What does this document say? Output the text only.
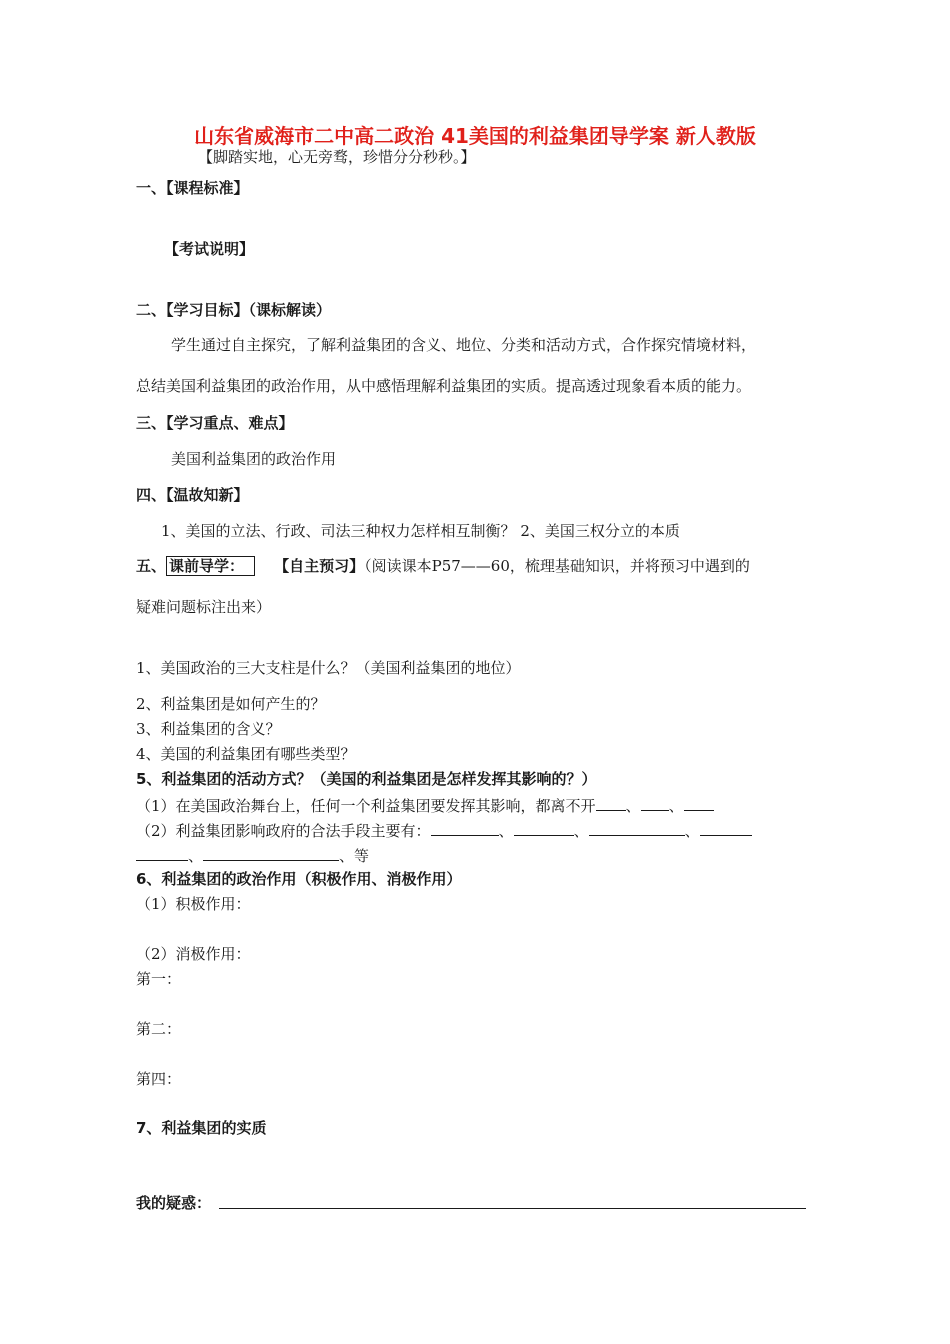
山东省威海市二中高二政治 41美国的利益集团导学案 新人教版
【脚踏实地，心无旁骛，珍惜分分秒秒。】
一、【课程标准】
【考试说明】
二、【学习目标】（课标解读）
学生通过自主探究，了解利益集团的含义、地位、分类和活动方式，合作探究情境材料，
总结美国利益集团的政治作用，从中感悟理解利益集团的实质。提高透过现象看本质的能力。
三、【学习重点、难点】
美国利益集团的政治作用
四、【温故知新】
1、美国的立法、行政、司法三种权力怎样相互制衡？ 2、美国三权分立的本质
五、 课前导学： 【自主预习】（阅读课本P57——60，梳理基础知识，并将预习中遇到的
疑难问题标注出来）
1、美国政治的三大支柱是什么？（美国利益集团的地位）
2、利益集团是如何产生的？
3、利益集团的含义？
4、美国的利益集团有哪些类型？
5、利益集团的活动方式？（美国的利益集团是怎样发挥其影响的？）
（1）在美国政治舞台上，任何一个利益集团要发挥其影响，都离不开 、 、
（2）利益集团影响政府的合法手段主要有：	、	、	、
、	、等
6、利益集团的政治作用（积极作用、消极作用）
（1）积极作用：
（2）消极作用：
第一：
第二：
第四：
7、利益集团的实质
我的疑惑：
